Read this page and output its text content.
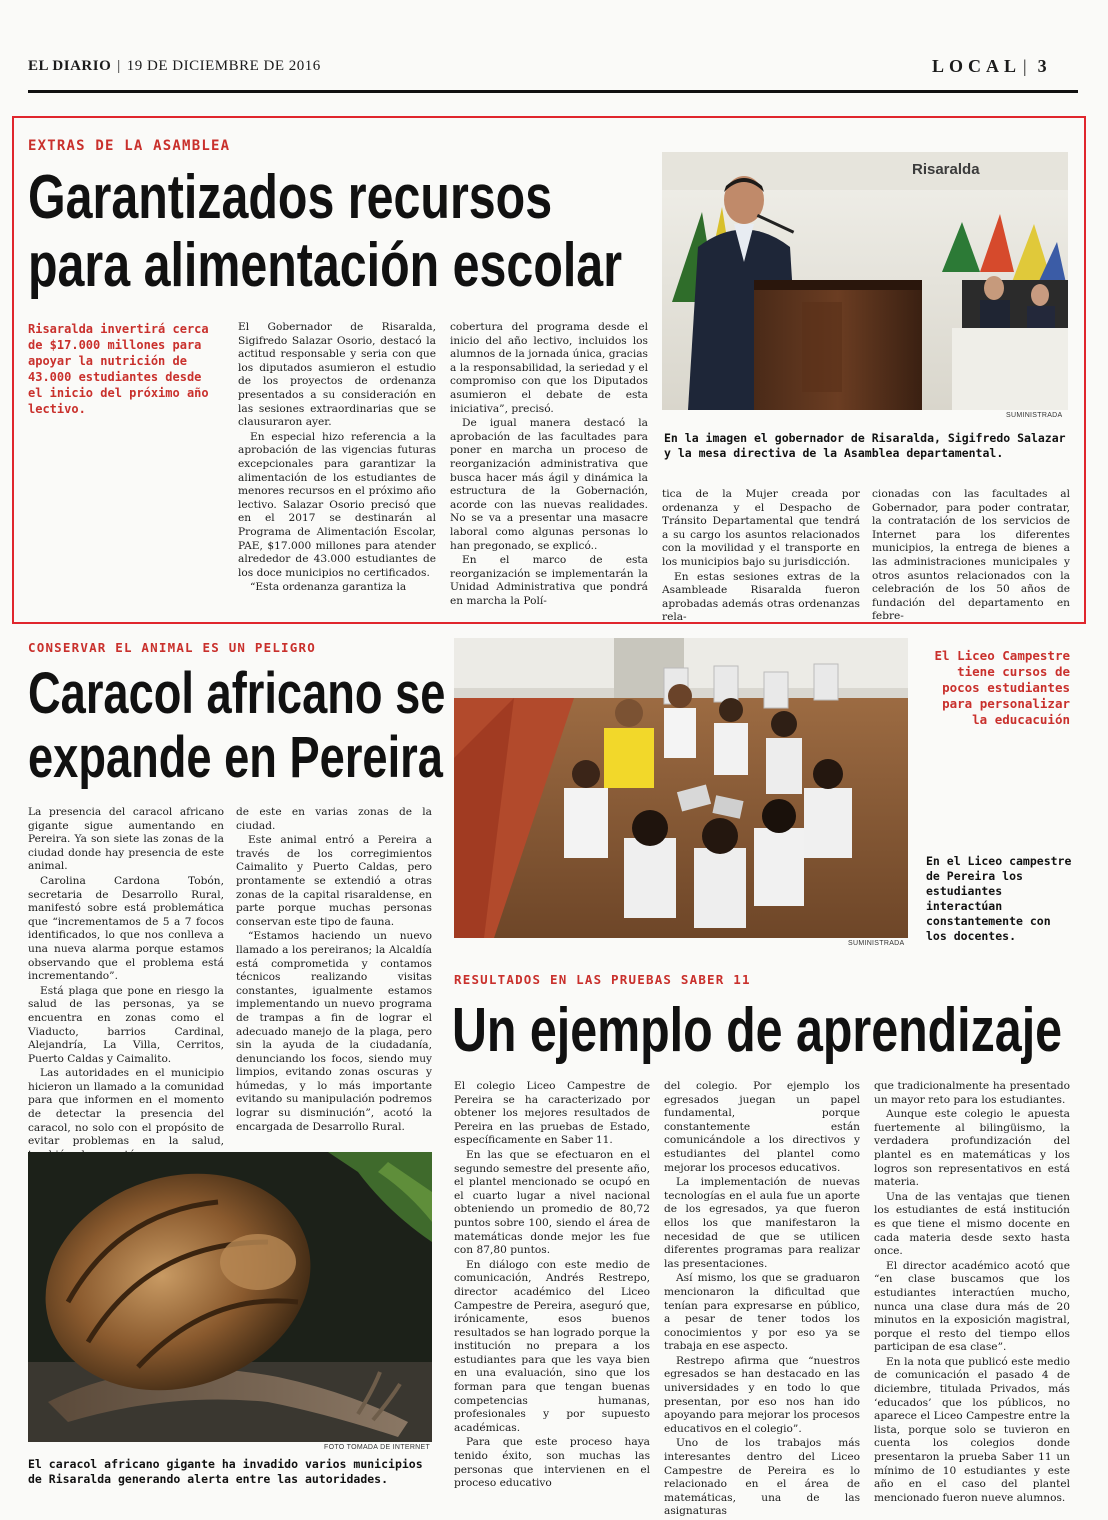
EL DIARIO | 19 DE DICIEMBRE DE 2016	LOCAL | 3
EXTRAS DE LA ASAMBLEA
Garantizados recursos
para alimentación escolar
Risaralda invertirá cerca de $17.000 millones para apoyar la nutrición de 43.000 estudiantes desde el inicio del próximo año lectivo.

El Gobernador de Risaralda, Sigifredo Salazar Osorio, destacó la actitud responsable y seria con que los diputados asumieron el estudio de los proyectos de ordenanza presentados a su consideración en las sesiones extraordinarias que se clausuraron ayer.

En especial hizo referencia a la aprobación de las vigencias futuras excepcionales para garantizar la alimentación de los estudiantes de menores recursos en el próximo año lectivo. Salazar Osorio precisó que en el 2017 se destinarán al Programa de Alimentación Escolar, PAE, $17.000 millones para atender alrededor de 43.000 estudiantes de los doce municipios no certificados.

“Esta ordenanza garantiza la

cobertura del programa desde el inicio del año lectivo, incluidos los alumnos de la jornada única, gracias a la responsabilidad, la seriedad y el compromiso con que los Diputados asumieron el debate de esta iniciativa”, precisó.

De igual manera destacó la aprobación de las facultades para poner en marcha un proceso de reorganización administrativa que busca hacer más ágil y dinámica la estructura de la Gobernación, acorde con las nuevas realidades. No se va a presentar una masacre laboral como algunas personas lo han pregonado, se explicó..

En el marco de esta reorganización se implementarán la Unidad Administrativa que pondrá en marcha la Polí-

Risaralda
SUMINISTRADA
En la imagen el gobernador de Risaralda, Sigifredo Salazar y la mesa directiva de la Asamblea departamental.

tica de la Mujer creada por ordenanza y el Despacho de Tránsito Departamental que tendrá a su cargo los asuntos relacionados con la movilidad y el transporte en los municipios bajo su jurisdicción.

En estas sesiones extras de la Asambleade Risaralda fueron aprobadas además otras ordenanzas rela-

cionadas con las facultades al Gobernador, para poder contratar, la contratación de los servicios de Internet para los diferentes municipios, la entrega de bienes a las administraciones municipales y otros asuntos relacionados con la celebración de los 50 años de fundación del departamento en febre-

CONSERVAR EL ANIMAL ES UN PELIGRO
Caracol africano se
expande en Pereira

La presencia del caracol africano gigante sigue aumentando en Pereira. Ya son siete las zonas de la ciudad donde hay presencia de este animal.

Carolina Cardona Tobón, secretaria de Desarrollo Rural, manifestó sobre está problemática que “incrementamos de 5 a 7 focos identificados, lo que nos conlleva a una nueva alarma porque estamos observando que el problema está incrementando”.

Está plaga que pone en riesgo la salud de las personas, ya se encuentra en zonas como el Viaducto, barrios Cardinal, Alejandría, La Villa, Cerritos, Puerto Caldas y Caimalito.

Las autoridades en el municipio hicieron un llamado a la comunidad para que informen en el momento de detectar la presencia del caracol, no solo con el propósito de evitar problemas en la salud,

de este en varias zonas de la ciudad.

Este animal entró a Pereira a través de los corregimientos Caimalito y Puerto Caldas, pero prontamente se extendió a otras zonas de la capital risaraldense, en parte porque muchas personas conservan este tipo de fauna.

“Estamos haciendo un nuevo llamado a los pereiranos; la Alcaldía está comprometida y contamos técnicos realizando visitas constantes, igualmente estamos implementando un nuevo programa de trampas a fin de lograr el adecuado manejo de la plaga, pero sin la ayuda de la ciudadanía, denunciando los focos, siendo muy limpios, evitando zonas oscuras y húmedas, y lo más importante evitando su manipulación podremos lograr su disminución”, acotó la encargada de Desarrollo Rural.

FOTO TOMADA DE INTERNET
El caracol africano gigante ha invadido varios municipios de Risaralda generando alerta entre las autoridades.
SUMINISTRADA
El Liceo Campestre tiene cursos de pocos estudiantes para personalizar la educacuión
En el Liceo campestre de Pereira los estudiantes interactúan constantemente con los docentes.
RESULTADOS EN LAS PRUEBAS SABER 11
Un ejemplo de aprendizaje

El colegio Liceo Campestre de Pereira se ha caracterizado por obtener los mejores resultados de Pereira en las pruebas de Estado, específicamente en Saber 11.

En las que se efectuaron en el segundo semestre del presente año, el plantel mencionado se ocupó en el cuarto lugar a nivel nacional obteniendo un promedio de 80,72 puntos sobre 100, siendo el área de matemáticas donde mejor les fue con 87,80 puntos.

En diálogo con este medio de comunicación, Andrés Restrepo, director académico del Liceo Campestre de Pereira, aseguró que, irónicamente, esos buenos resultados se han logrado porque la institución no prepara a los estudiantes para que les vaya bien en una evaluación, sino que los forman para que tengan buenas competencias humanas, profesionales y por supuesto académicas.

Para que este proceso haya tenido éxito, son muchas las personas que intervienen en el proceso educativo

del colegio. Por ejemplo los egresados juegan un papel fundamental, porque constantemente están comunicándole a los directivos y estudiantes del plantel como mejorar los procesos educativos.

La implementación de nuevas tecnologías en el aula fue un aporte de los egresados, ya que fueron ellos los que manifestaron la necesidad de que se utilicen diferentes programas para realizar las presentaciones.

Así mismo, los que se graduaron mencionaron la dificultad que tenían para expresarse en público, a pesar de tener todos los conocimientos y por eso ya se trabaja en ese aspecto.

Restrepo afirma que “nuestros egresados se han destacado en las universidades y en todo lo que presentan, por eso nos han ido apoyando para mejorar los procesos educativos en el colegio”.

Uno de los trabajos más interesantes dentro del Liceo Campestre de Pereira es lo relacionado en el área de matemáticas, una de las asignaturas

que tradicionalmente ha presentado un mayor reto para los estudiantes.

Aunque este colegio le apuesta fuertemente al bilingüismo, la verdadera profundización del plantel es en matemáticas y los logros son representativos en está materia.

Una de las ventajas que tienen los estudiantes de está institución es que tiene el mismo docente en cada materia desde sexto hasta once.

El director académico acotó que “en clase buscamos que los estudiantes interactúen mucho, nunca una clase dura más de 20 minutos en la exposición magistral, porque el resto del tiempo ellos participan de esa clase”.

En la nota que publicó este medio de comunicación el pasado 4 de diciembre, titulada Privados, más ‘educados’ que los públicos, no aparece el Liceo Campestre entre la lista, porque solo se tuvieron en cuenta los colegios donde presentaron la prueba Saber 11 un mínimo de 10 estudiantes y este año en el caso del plantel mencionado fueron nueve alumnos.
